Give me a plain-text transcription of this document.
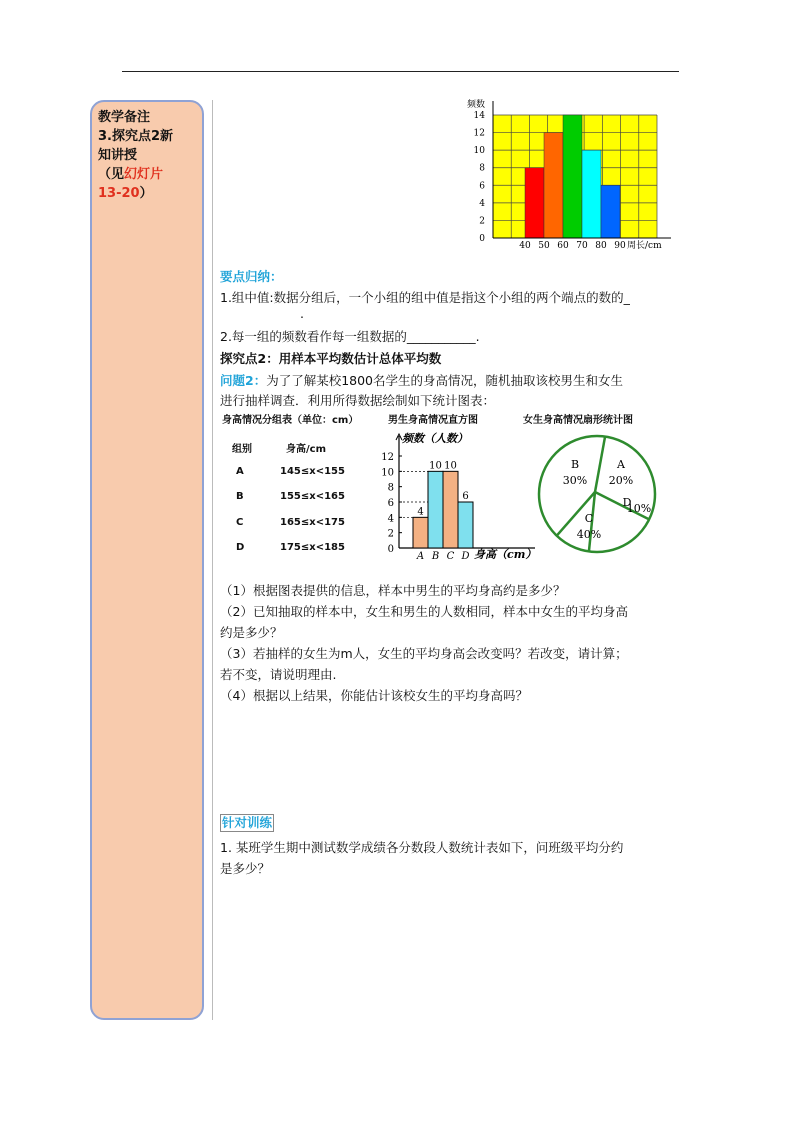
教学备注
3.探究点2新
知讲授
（见幻灯片
13-20）
频数
周长/cm
0
2
4
6
8
10
12
14
40 50 60 70 80 90
要点归纳：
1.组中值:数据分组后，一个小组的组中值是指这个小组的两个端点的数的_
.
2.每一组的频数看作每一组数据的___________.
探究点2：用样本平均数估计总体平均数
问题2：为了了解某校1800名学生的身高情况，随机抽取该校男生和女生
进行抽样调查．利用所得数据绘制如下统计图表：
身高情况分组表（单位：cm）
组别	身高/cm
A	145≤x<155
B	155≤x<165
C	165≤x<175
D	175≤x<185
男生身高情况直方图
频数（人数）
身高（cm）
0
2
4
6
8
10
12
4
A
10
B
10
C
6
D
女生身高情况扇形统计图
B
30%
A
20%
D
10%
C
40%
（1）根据图表提供的信息，样本中男生的平均身高约是多少？
（2）已知抽取的样本中，女生和男生的人数相同，样本中女生的平均身高
约是多少？
（3）若抽样的女生为m人，女生的平均身高会改变吗？若改变，请计算；
若不变，请说明理由.
（4）根据以上结果，你能估计该校女生的平均身高吗？
针对训练
1. 某班学生期中测试数学成绩各分数段人数统计表如下，问班级平均分约
是多少？
